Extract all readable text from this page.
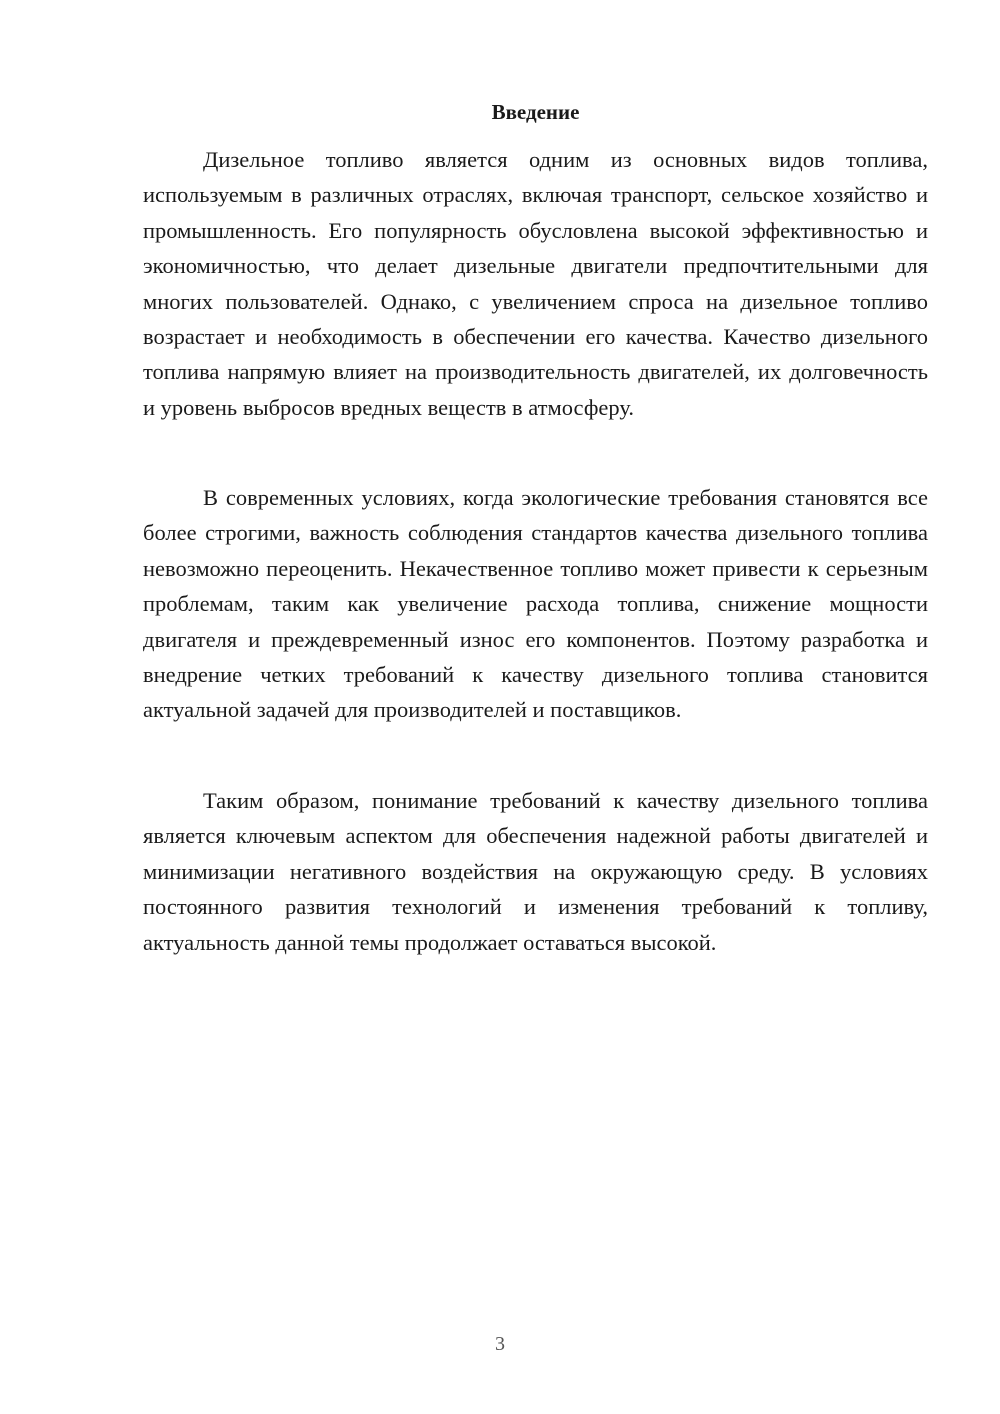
Введение

Дизельное топливо является одним из основных видов топлива, используемым в различных отраслях, включая транспорт, сельское хозяйство и промышленность. Его популярность обусловлена высокой эффективностью и экономичностью, что делает дизельные двигатели предпочтительными для многих пользователей. Однако, с увеличением спроса на дизельное топливо возрастает и необходимость в обеспечении его качества. Качество дизельного топлива напрямую влияет на производительность двигателей, их долговечность и уровень выбросов вредных веществ в атмосферу.

В современных условиях, когда экологические требования становятся все более строгими, важность соблюдения стандартов качества дизельного топлива невозможно переоценить. Некачественное топливо может привести к серьезным проблемам, таким как увеличение расхода топлива, снижение мощности двигателя и преждевременный износ его компонентов. Поэтому разработка и внедрение четких требований к качеству дизельного топлива становится актуальной задачей для производителей и поставщиков.

Таким образом, понимание требований к качеству дизельного топлива является ключевым аспектом для обеспечения надежной работы двигателей и минимизации негативного воздействия на окружающую среду. В условиях постоянного развития технологий и изменения требований к топливу, актуальность данной темы продолжает оставаться высокой.

3
